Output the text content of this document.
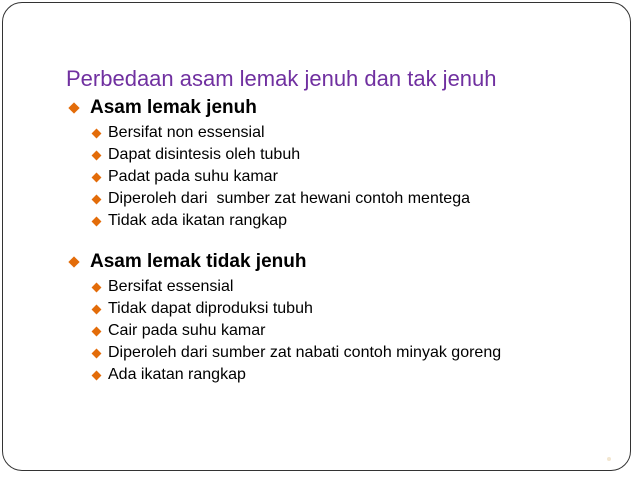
Perbedaan asam lemak jenuh dan tak jenuh
Asam lemak jenuh
Bersifat non essensial
Dapat disintesis oleh tubuh
Padat pada suhu kamar
Diperoleh dari  sumber zat hewani contoh mentega
Tidak ada ikatan rangkap
Asam lemak tidak jenuh
Bersifat essensial
Tidak dapat diproduksi tubuh
Cair pada suhu kamar
Diperoleh dari sumber zat nabati contoh minyak goreng
Ada ikatan rangkap
